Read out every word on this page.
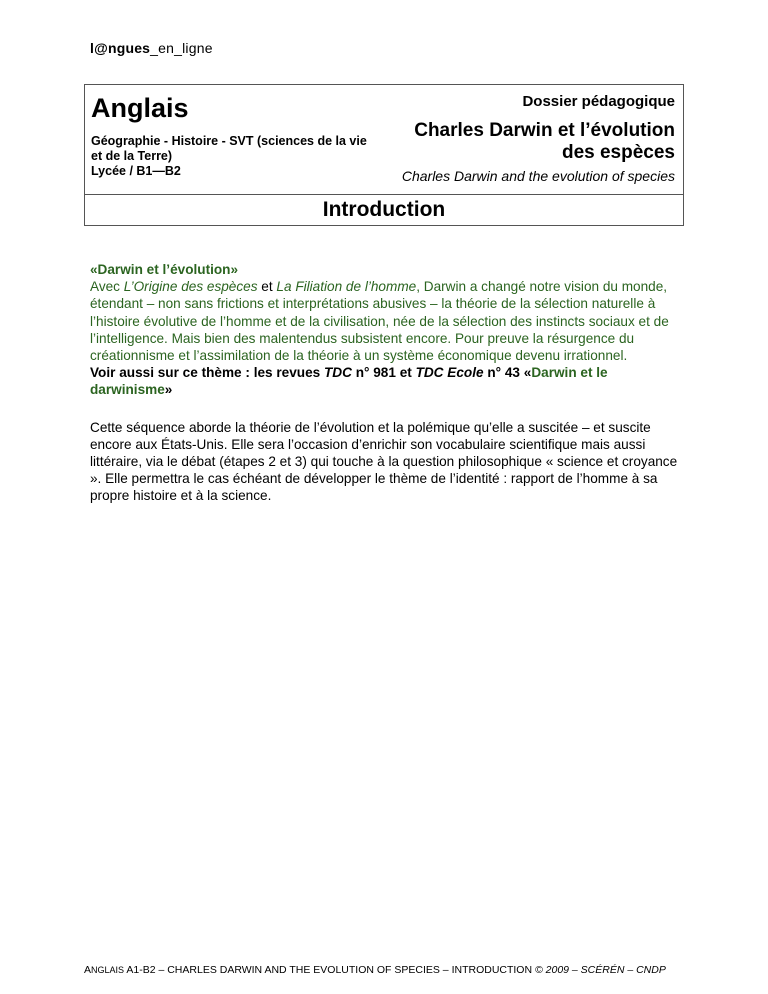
l@ngues_en_ligne
Anglais
Géographie - Histoire - SVT (sciences de la vie et de la Terre)
Lycée / B1—B2
Dossier pédagogique
Charles Darwin et l’évolution
des espèces
Charles Darwin and the evolution of species
Introduction
«Darwin et l’évolution»
Avec L’Origine des espèces et La Filiation de l’homme, Darwin a changé notre vision du monde, étendant – non sans frictions et interprétations abusives – la théorie de la sélection naturelle à l’histoire évolutive de l’homme et de la civilisation, née de la sélection des instincts sociaux et de l’intelligence. Mais bien des malentendus subsistent encore. Pour preuve la résurgence du créationnisme et l’assimilation de la théorie à un système économique devenu irrationnel.
Voir aussi sur ce thème : les revues TDC n° 981 et TDC Ecole n° 43 «Darwin et le darwinisme»
Cette séquence aborde la théorie de l’évolution et la polémique qu’elle a suscitée – et suscite encore aux États-Unis. Elle sera l’occasion d’enrichir son vocabulaire scientifique mais aussi littéraire, via le débat (étapes 2 et 3) qui touche à la question philosophique « science et croyance ». Elle permettra le cas échéant de développer le thème de l’identité : rapport de l’homme à sa propre histoire et à la science.
ANGLAIS A1-B2 – CHARLES DARWIN AND THE EVOLUTION OF SPECIES – INTRODUCTION © 2009 – SCÉRÉN – CNDP
